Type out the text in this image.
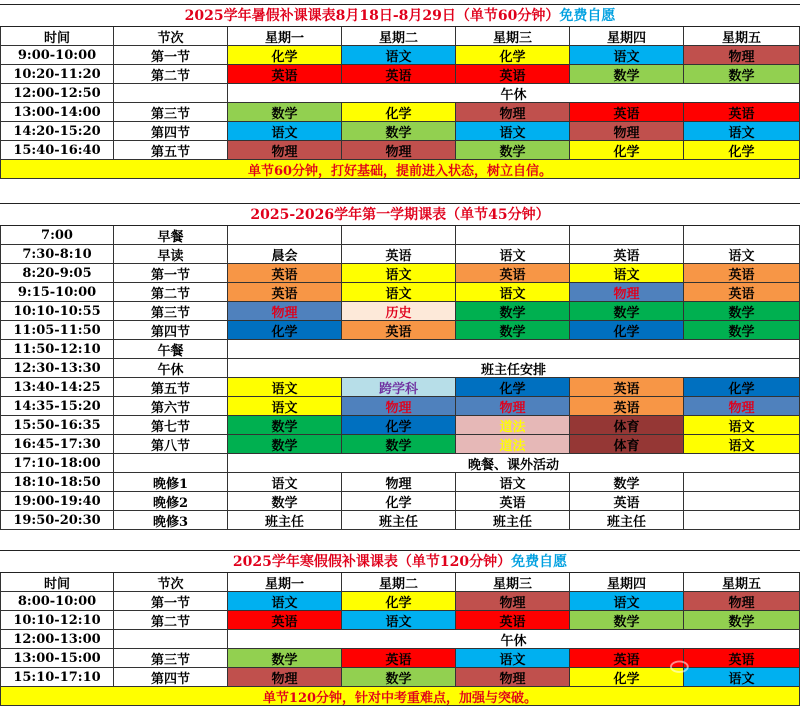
2025学年暑假补课课表8月18日-8月29日（单节60分钟）免费自愿
时间	节次	星期一	星期二	星期三	星期四	星期五
9:00-10:00	第一节	化学	语文	化学	语文	物理
10:20-11:20	第二节	英语	英语	英语	数学	数学
12:00-12:50	午休
13:00-14:00	第三节	数学	化学	物理	英语	英语
14:20-15:20	第四节	语文	数学	语文	物理	语文
15:40-16:40	第五节	物理	物理	数学	化学	化学
单节60分钟，打好基础，提前进入状态，树立自信。
2025-2026学年第一学期课表（单节45分钟）
7:00	早餐
7:30-8:10	早读	晨会	英语	语文	英语	语文
8:20-9:05	第一节	英语	语文	英语	语文	英语
9:15-10:00	第二节	英语	语文	语文	物理	英语
10:10-10:55	第三节	物理	历史	数学	数学	数学
11:05-11:50	第四节	化学	英语	数学	化学	数学
11:50-12:10	午餐
12:30-13:30	午休	班主任安排
13:40-14:25	第五节	语文	跨学科	化学	英语	化学
14:35-15:20	第六节	语文	物理	物理	英语	物理
15:50-16:35	第七节	数学	化学	道法	体育	语文
16:45-17:30	第八节	数学	数学	道法	体育	语文
17:10-18:00	晚餐、课外活动
18:10-18:50	晚修1	语文	物理	语文	数学
19:00-19:40	晚修2	数学	化学	英语	英语
19:50-20:30	晚修3	班主任	班主任	班主任	班主任
2025学年寒假假补课课表（单节120分钟）免费自愿
时间	节次	星期一	星期二	星期三	星期四	星期五
8:00-10:00	第一节	语文	化学	物理	语文	物理
10:10-12:10	第二节	英语	语文	英语	数学	数学
12:00-13:00	午休
13:00-15:00	第三节	数学	英语	语文	英语	英语
15:10-17:10	第四节	物理	数学	物理	化学	语文
单节120分钟，针对中考重难点，加强与突破。
⬭
